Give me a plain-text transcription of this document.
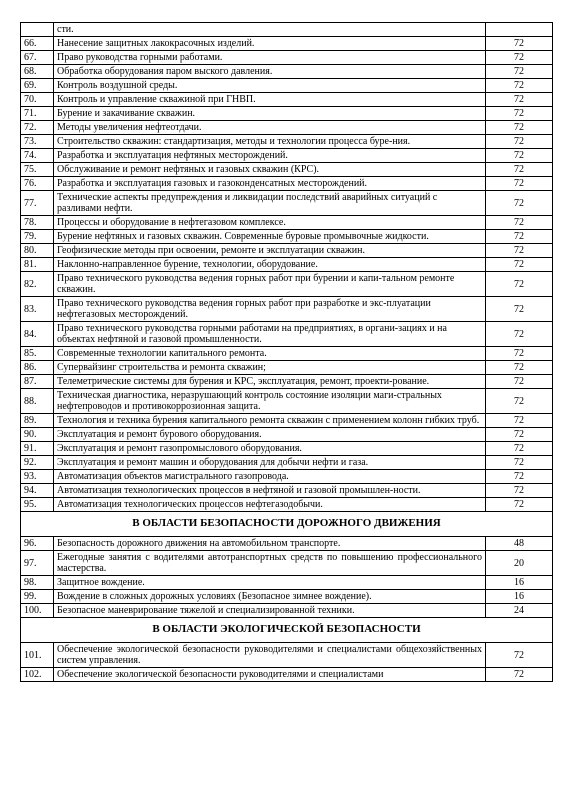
	сти.	
66.	Нанесение защитных лакокрасочных изделий.	72
67.	Право руководства горными работами.	72
68.	Обработка оборудования паром выского давления.	72
69.	Контроль воздушной среды.	72
70.	Контроль и управление скважиной при ГНВП.	72
71.	Бурение и закачивание скважин.	72
72.	Методы увеличения нефтеотдачи.	72
73.	Строительство скважин: стандартизация, методы и технологии процесса буре-ния.	72
74.	Разработка и эксплуатация нефтяных месторождений.	72
75.	Обслуживание и ремонт нефтяных и газовых скважин (КРС).	72
76.	Разработка и эксплуатация газовых и газоконденсатных месторождений.	72
77.	Технические аспекты предупреждения и ликвидации последствий аварийных ситуаций с разливами нефти.	72
78.	Процессы и оборудование в нефтегазовом комплексе.	72
79.	Бурение нефтяных и газовых скважин. Современные буровые промывочные жидкости.	72
80.	Геофизические методы при освоении, ремонте и эксплуатации скважин.	72
81.	Наклонно-направленное бурение, технологии, оборудование.	72
82.	Право технического руководства ведения горных работ при бурении и капи-тальном ремонте скважин.	72
83.	Право технического руководства ведения горных работ при разработке и экс-плуатации нефтегазовых месторождений.	72
84.	Право технического руководства горными работами на предприятиях, в органи-зациях и на объектах нефтяной и газовой промышленности.	72
85.	Современные технологии капитального ремонта.	72
86.	Супервайзинг строительства и ремонта скважин;	72
87.	Телеметрические системы для бурения и КРС, эксплуатация, ремонт, проекти-рование.	72
88.	Техническая диагностика, неразрушающий контроль состояние изоляции маги-стральных нефтепроводов и противокоррозионная защита.	72
89.	Технология и техника бурения капитального ремонта скважин с применением колонн гибких труб.	72
90.	Эксплуатация и ремонт бурового оборудования.	72
91.	Эксплуатация и ремонт газопромыслового оборудования.	72
92.	Эксплуатация и ремонт машин и оборудования для добычи нефти и газа.	72
93.	Автоматизация объектов магистрального газопровода.	72
94.	Автоматизация технологических процессов в нефтяной и газовой промышлен-ности.	72
95.	Автоматизация технологических процессов нефтегазодобычи.	72
В ОБЛАСТИ БЕЗОПАСНОСТИ ДОРОЖНОГО ДВИЖЕНИЯ		
96.	Безопасность дорожного движения на автомобильном транспорте.	48
97.	Ежегодные занятия с водителями автотранспортных средств по повышению профессионального мастерства.	20
98.	Защитное вождение.	16
99.	Вождение в сложных дорожных условиях (Безопасное зимнее вождение).	16
100.	Безопасное маневрирование тяжелой и специализированной техники.	24
В ОБЛАСТИ ЭКОЛОГИЧЕСКОЙ БЕЗОПАСНОСТИ		
101.	Обеспечение экологической безопасности руководителями и специалистами общехозяйственных систем управления.	72
102.	Обеспечение экологической безопасности руководителями и специалистами	72
